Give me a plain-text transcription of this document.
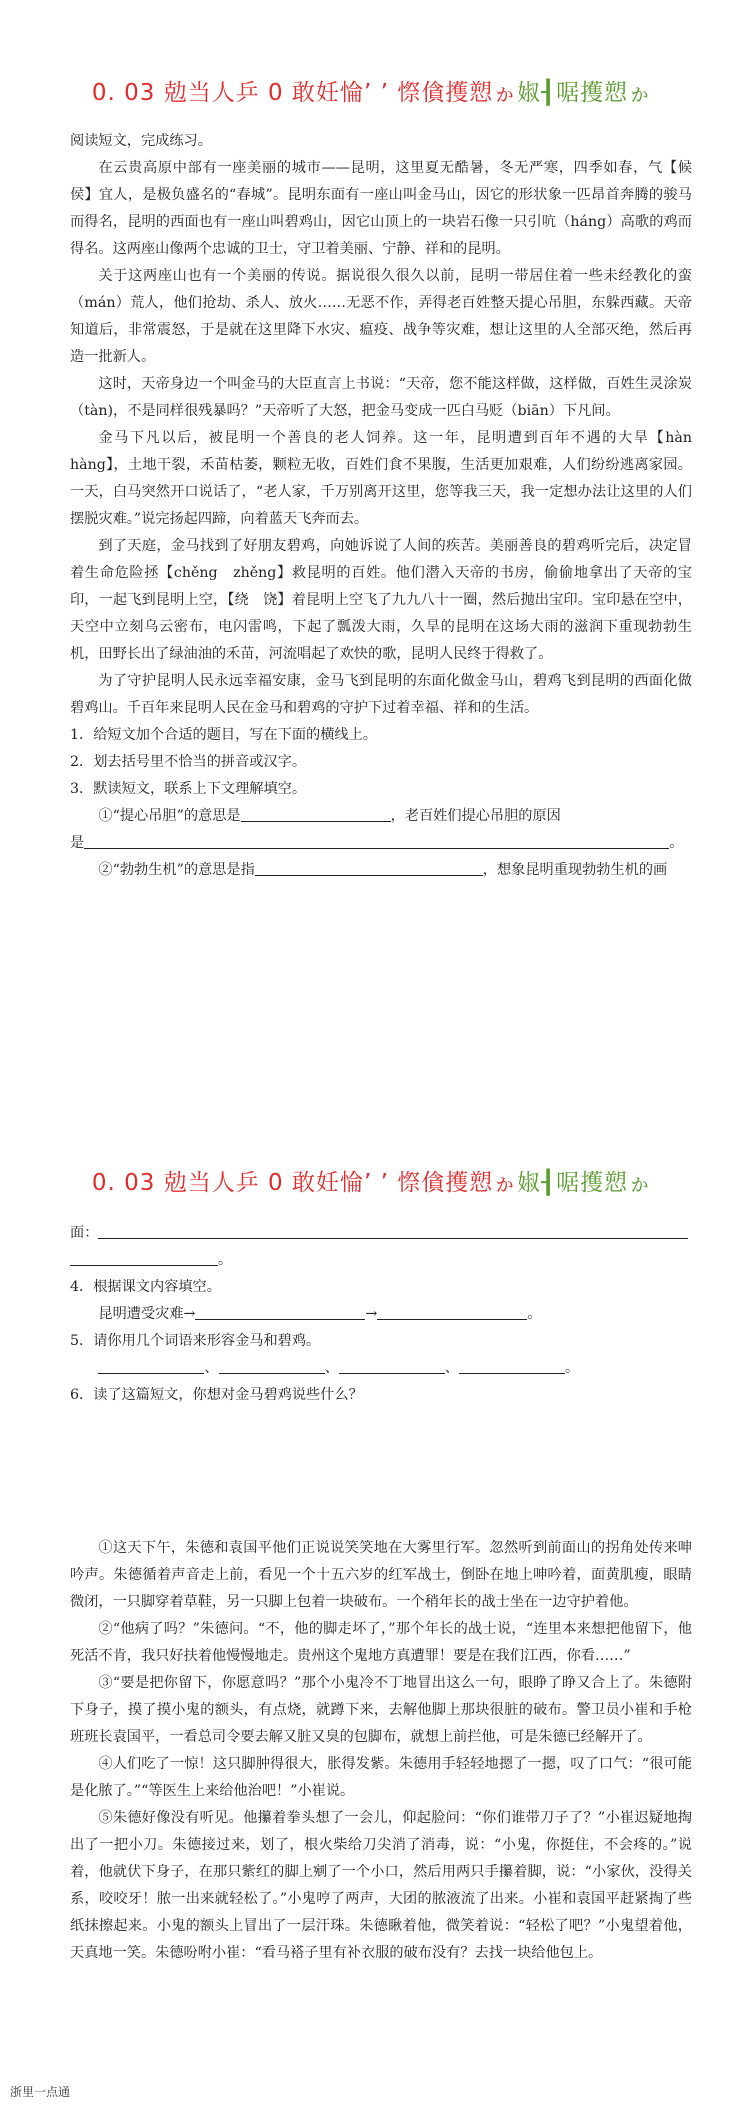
0. 03 勊当人乒 0 敢妊惀’ ’ 憏僋擭愬ゕ婌┨啹擭愬ゕ

阅读短文，完成练习。

在云贵高原中部有一座美丽的城市——昆明，这里夏无酷暑，冬无严寒，四季如春，气【候　侯】宜人，是极负盛名的“春城”。昆明东面有一座山叫金马山，因它的形状象一匹昂首奔腾的骏马而得名，昆明的西面也有一座山叫碧鸡山，因它山顶上的一块岩石像一只引吭（háng）高歌的鸡而得名。这两座山像两个忠诚的卫士，守卫着美丽、宁静、祥和的昆明。

关于这两座山也有一个美丽的传说。据说很久很久以前，昆明一带居住着一些未经教化的蛮（mán）荒人，他们抢劫、杀人、放火……无恶不作，弄得老百姓整天提心吊胆，东躲西藏。天帝知道后，非常震怒，于是就在这里降下水灾、瘟疫、战争等灾难，想让这里的人全部灭绝，然后再造一批新人。

这时，天帝身边一个叫金马的大臣直言上书说：“天帝，您不能这样做，这样做，百姓生灵涂炭（tàn)，不是同样很残暴吗？”天帝听了大怒，把金马变成一匹白马贬（biān）下凡间。

金马下凡以后，被昆明一个善良的老人饲养。这一年，昆明遭到百年不遇的大旱【hàn hàng】，土地干裂，禾苗枯萎，颗粒无收，百姓们食不果腹，生活更加艰难，人们纷纷逃离家园。一天，白马突然开口说话了，“老人家，千万别离开这里，您等我三天，我一定想办法让这里的人们摆脱灾难。”说完扬起四蹄，向着蓝天飞奔而去。

到了天庭，金马找到了好朋友碧鸡，向她诉说了人间的疾苦。美丽善良的碧鸡听完后，决定冒着生命危险拯【chěng　zhěng】救昆明的百姓。他们潜入天帝的书房，偷偷地拿出了天帝的宝印，一起飞到昆明上空，【绕　饶】着昆明上空飞了九九八十一圈，然后抛出宝印。宝印悬在空中，天空中立刻乌云密布，电闪雷鸣，下起了瓢泼大雨，久旱的昆明在这场大雨的滋润下重现勃勃生机，田野长出了绿油油的禾苗，河流唱起了欢快的歌，昆明人民终于得救了。

为了守护昆明人民永远幸福安康，金马飞到昆明的东面化做金马山，碧鸡飞到昆明的西面化做碧鸡山。千百年来昆明人民在金马和碧鸡的守护下过着幸福、祥和的生活。

1．给短文加个合适的题目，写在下面的横线上。

2．划去括号里不恰当的拼音或汉字。

3．默读短文，联系上下文理解填空。

①“提心吊胆”的意思是	，老百姓们提心吊胆的原因

是	。

②“勃勃生机”的意思是指	，想象昆明重现勃勃生机的画

0. 03 勊当人乒 0 敢妊惀’ ’ 憏僋擭愬ゕ婌┨啹擭愬ゕ

面：

。

4．根据课文内容填空。

昆明遭受灾难→	→	。

5．请你用几个词语来形容金马和碧鸡。

、	、	、	。

6．读了这篇短文，你想对金马碧鸡说些什么？

①这天下午，朱德和袁国平他们正说说笑笑地在大雾里行军。忽然听到前面山的拐角处传来呻吟声。朱德循着声音走上前，看见一个十五六岁的红军战士，倒卧在地上呻吟着，面黄肌瘦，眼睛微闭，一只脚穿着草鞋，另一只脚上包着一块破布。一个稍年长的战士坐在一边守护着他。

②“他病了吗？”朱德问。“不，他的脚走坏了，”那个年长的战士说，“连里本来想把他留下，他死活不肯，我只好扶着他慢慢地走。贵州这个鬼地方真遭罪！要是在我们江西，你看……”

③“要是把你留下，你愿意吗？”那个小鬼冷不丁地冒出这么一句，眼睁了睁又合上了。朱德附下身子，摸了摸小鬼的额头，有点烧，就蹲下来，去解他脚上那块很脏的破布。警卫员小崔和手枪班班长袁国平，一看总司令要去解又脏又臭的包脚布，就想上前拦他，可是朱德已经解开了。

④人们吃了一惊！这只脚肿得很大，胀得发紫。朱德用手轻轻地摁了一摁，叹了口气：“很可能是化脓了。”“等医生上来给他治吧！”小崔说。

⑤朱德好像没有听见。他攥着拳头想了一会儿，仰起脸问：“你们谁带刀子了？”小崔迟疑地掏出了一把小刀。朱德接过来，划了，根火柴给刀尖消了消毒，说：“小鬼，你挺住，不会疼的。”说着，他就伏下身子，在那只紫红的脚上剜了一个小口，然后用两只手攥着脚，说：“小家伙，没得关系，咬咬牙！脓一出来就轻松了。”小鬼哼了两声，大团的脓液流了出来。小崔和袁国平赶紧掏了些纸抹擦起来。小鬼的额头上冒出了一层汗珠。朱德瞅着他，微笑着说：“轻松了吧？”小鬼望着他，天真地一笑。朱德吩咐小崔：“看马褡子里有补衣服的破布没有？去找一块给他包上。

浙里一点通
